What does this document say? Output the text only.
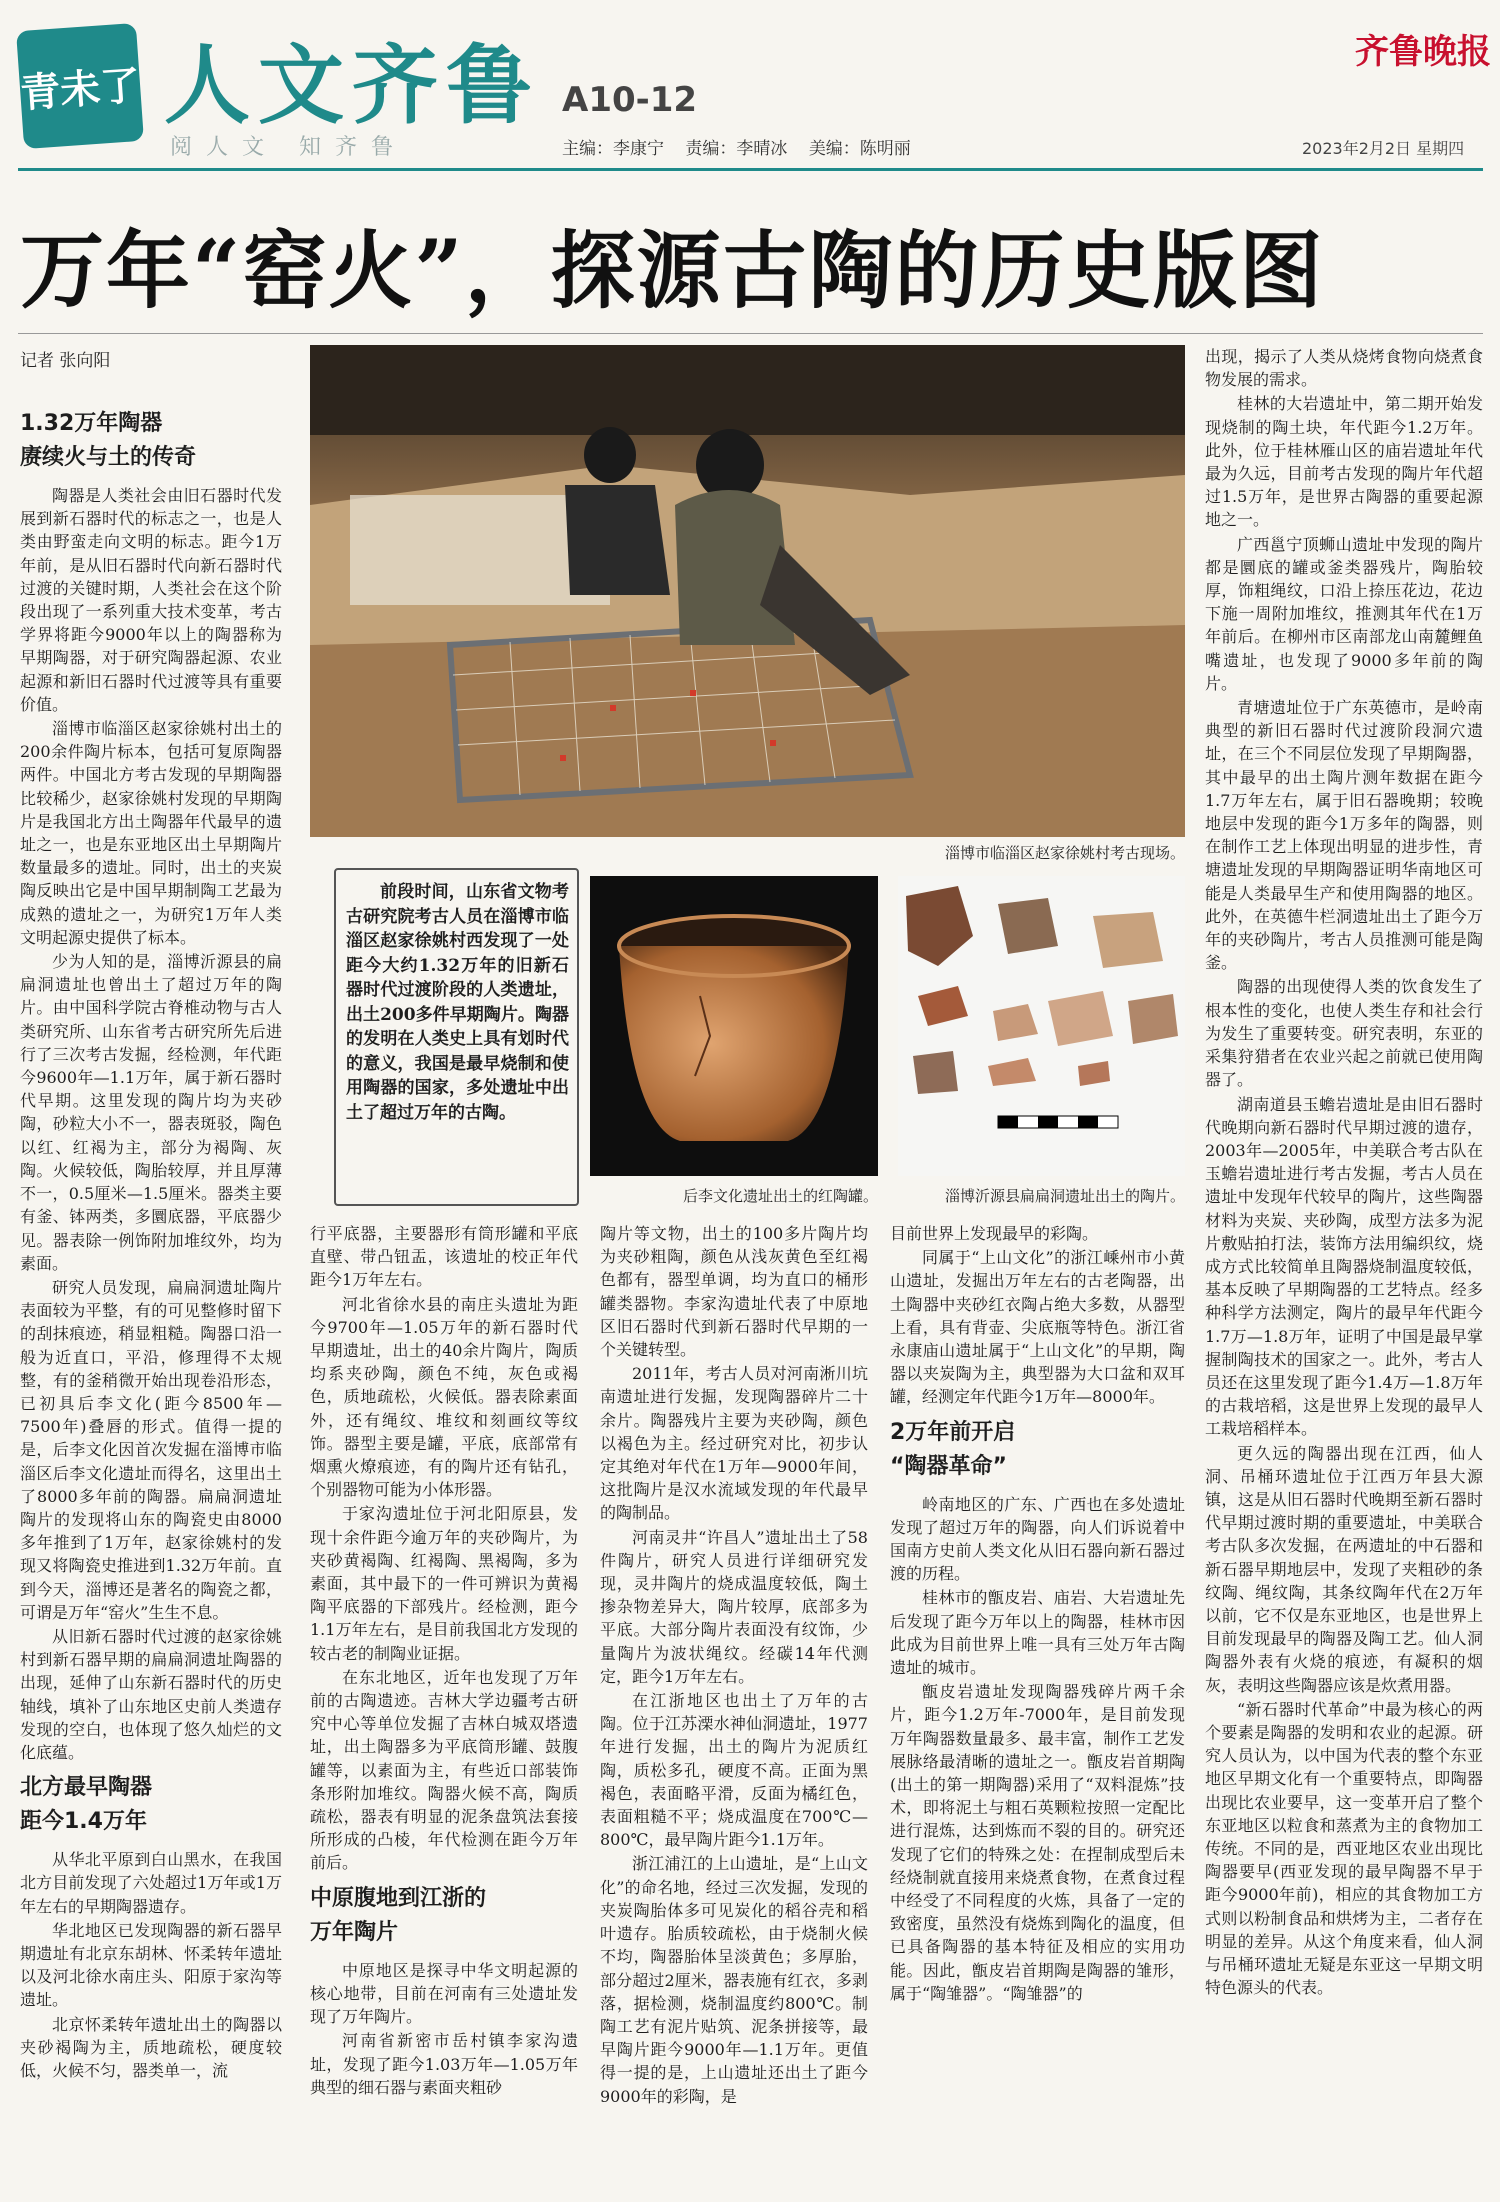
青未了 人文齐鲁 A10-12
阅人文 知齐鲁	主编：李康宁 责编：李晴冰 美编：陈明丽
齐鲁晚报
2023年2月2日 星期四
万年“窑火”，探源古陶的历史版图
记者 张向阳
1.32万年陶器
赓续火与土的传奇

陶器是人类社会由旧石器时代发展到新石器时代的标志之一，也是人类由野蛮走向文明的标志。距今1万年前，是从旧石器时代向新石器时代过渡的关键时期，人类社会在这个阶段出现了一系列重大技术变革，考古学界将距今9000年以上的陶器称为早期陶器，对于研究陶器起源、农业起源和新旧石器时代过渡等具有重要价值。

淄博市临淄区赵家徐姚村出土的200余件陶片标本，包括可复原陶器两件。中国北方考古发现的早期陶器比较稀少，赵家徐姚村发现的早期陶片是我国北方出土陶器年代最早的遗址之一，也是东亚地区出土早期陶片数量最多的遗址。同时，出土的夹炭陶反映出它是中国早期制陶工艺最为成熟的遗址之一，为研究1万年人类文明起源史提供了标本。

少为人知的是，淄博沂源县的扁扁洞遗址也曾出土了超过万年的陶片。由中国科学院古脊椎动物与古人类研究所、山东省考古研究所先后进行了三次考古发掘，经检测，年代距今9600年—1.1万年，属于新石器时代早期。这里发现的陶片均为夹砂陶，砂粒大小不一，器表斑驳，陶色以红、红褐为主，部分为褐陶、灰陶。火候较低，陶胎较厚，并且厚薄不一，0.5厘米—1.5厘米。器类主要有釜、钵两类，多圜底器，平底器少见。器表除一例饰附加堆纹外，均为素面。

研究人员发现，扁扁洞遗址陶片表面较为平整，有的可见整修时留下的刮抹痕迹，稍显粗糙。陶器口沿一般为近直口，平沿，修理得不太规整，有的釜稍微开始出现卷沿形态，已初具后李文化(距今8500年—7500年)叠唇的形式。值得一提的是，后李文化因首次发掘在淄博市临淄区后李文化遗址而得名，这里出土了8000多年前的陶器。扁扁洞遗址陶片的发现将山东的陶瓷史由8000多年推到了1万年，赵家徐姚村的发现又将陶瓷史推进到1.32万年前。直到今天，淄博还是著名的陶瓷之都，可谓是万年“窑火”生生不息。

从旧新石器时代过渡的赵家徐姚村到新石器早期的扁扁洞遗址陶器的出现，延伸了山东新石器时代的历史轴线，填补了山东地区史前人类遗存发现的空白，也体现了悠久灿烂的文化底蕴。

北方最早陶器
距今1.4万年

从华北平原到白山黑水，在我国北方目前发现了六处超过1万年或1万年左右的早期陶器遗存。

华北地区已发现陶器的新石器早期遗址有北京东胡林、怀柔转年遗址以及河北徐水南庄头、阳原于家沟等遗址。

北京怀柔转年遗址出土的陶器以夹砂褐陶为主，质地疏松，硬度较低，火候不匀，器类单一，流

淄博市临淄区赵家徐姚村考古现场。
前段时间，山东省文物考古研究院考古人员在淄博市临淄区赵家徐姚村西发现了一处距今大约1.32万年的旧新石器时代过渡阶段的人类遗址，出土200多件早期陶片。陶器的发明在人类史上具有划时代的意义，我国是最早烧制和使用陶器的国家，多处遗址中出土了超过万年的古陶。
后李文化遗址出土的红陶罐。	淄博沂源县扁扁洞遗址出土的陶片。

行平底器，主要器形有筒形罐和平底直壁、带凸钮盂，该遗址的校正年代距今1万年左右。

河北省徐水县的南庄头遗址为距今9700年—1.05万年的新石器时代早期遗址，出土的40余片陶片，陶质均系夹砂陶，颜色不纯，灰色或褐色，质地疏松，火候低。器表除素面外，还有绳纹、堆纹和刻画纹等纹饰。器型主要是罐，平底，底部常有烟熏火燎痕迹，有的陶片还有钻孔，个别器物可能为小体形器。

于家沟遗址位于河北阳原县，发现十余件距今逾万年的夹砂陶片，为夹砂黄褐陶、红褐陶、黑褐陶，多为素面，其中最下的一件可辨识为黄褐陶平底器的下部残片。经检测，距今1.1万年左右，是目前我国北方发现的较古老的制陶业证据。

在东北地区，近年也发现了万年前的古陶遗迹。吉林大学边疆考古研究中心等单位发掘了吉林白城双塔遗址，出土陶器多为平底筒形罐、鼓腹罐等，以素面为主，有些近口部装饰条形附加堆纹。陶器火候不高，陶质疏松，器表有明显的泥条盘筑法套接所形成的凸棱，年代检测在距今万年前后。

中原腹地到江浙的
万年陶片

中原地区是探寻中华文明起源的核心地带，目前在河南有三处遗址发现了万年陶片。

河南省新密市岳村镇李家沟遗址，发现了距今1.03万年—1.05万年典型的细石器与素面夹粗砂

陶片等文物，出土的100多片陶片均为夹砂粗陶，颜色从浅灰黄色至红褐色都有，器型单调，均为直口的桶形罐类器物。李家沟遗址代表了中原地区旧石器时代到新石器时代早期的一个关键转型。

2011年，考古人员对河南淅川坑南遗址进行发掘，发现陶器碎片二十余片。陶器残片主要为夹砂陶，颜色以褐色为主。经过研究对比，初步认定其绝对年代在1万年—9000年间，这批陶片是汉水流域发现的年代最早的陶制品。

河南灵井“许昌人”遗址出土了58件陶片，研究人员进行详细研究发现，灵井陶片的烧成温度较低，陶土掺杂物差异大，陶片较厚，底部多为平底。大部分陶片表面没有纹饰，少量陶片为波状绳纹。经碳14年代测定，距今1万年左右。

在江浙地区也出土了万年的古陶。位于江苏溧水神仙洞遗址，1977年进行发掘，出土的陶片为泥质红陶，质松多孔，硬度不高。正面为黑褐色，表面略平滑，反面为橘红色，表面粗糙不平；烧成温度在700℃—800℃，最早陶片距今1.1万年。

浙江浦江的上山遗址，是“上山文化”的命名地，经过三次发掘，发现的夹炭陶胎体多可见炭化的稻谷壳和稻叶遗存。胎质较疏松，由于烧制火候不均，陶器胎体呈淡黄色；多厚胎，部分超过2厘米，器表施有红衣，多剥落，据检测，烧制温度约800℃。制陶工艺有泥片贴筑、泥条拼接等，最早陶片距今9000年—1.1万年。更值得一提的是，上山遗址还出土了距今9000年的彩陶，是

目前世界上发现最早的彩陶。

同属于“上山文化”的浙江嵊州市小黄山遗址，发掘出万年左右的古老陶器，出土陶器中夹砂红衣陶占绝大多数，从器型上看，具有背壶、尖底瓶等特色。浙江省永康庙山遗址属于“上山文化”的早期，陶器以夹炭陶为主，典型器为大口盆和双耳罐，经测定年代距今1万年—8000年。

2万年前开启
“陶器革命”

岭南地区的广东、广西也在多处遗址发现了超过万年的陶器，向人们诉说着中国南方史前人类文化从旧石器向新石器过渡的历程。

桂林市的甑皮岩、庙岩、大岩遗址先后发现了距今万年以上的陶器，桂林市因此成为目前世界上唯一具有三处万年古陶遗址的城市。

甑皮岩遗址发现陶器残碎片两千余片，距今1.2万年-7000年，是目前发现万年陶器数量最多、最丰富，制作工艺发展脉络最清晰的遗址之一。甑皮岩首期陶(出土的第一期陶器)采用了“双料混炼”技术，即将泥土与粗石英颗粒按照一定配比进行混炼，达到炼而不裂的目的。研究还发现了它们的特殊之处：在捏制成型后未经烧制就直接用来烧煮食物，在煮食过程中经受了不同程度的火炼，具备了一定的致密度，虽然没有烧炼到陶化的温度，但已具备陶器的基本特征及相应的实用功能。因此，甑皮岩首期陶是陶器的雏形，属于“陶雏器”。“陶雏器”的

出现，揭示了人类从烧烤食物向烧煮食物发展的需求。

桂林的大岩遗址中，第二期开始发现烧制的陶土块，年代距今1.2万年。此外，位于桂林雁山区的庙岩遗址年代最为久远，目前考古发现的陶片年代超过1.5万年，是世界古陶器的重要起源地之一。

广西邕宁顶蛳山遗址中发现的陶片都是圜底的罐或釜类器残片，陶胎较厚，饰粗绳纹，口沿上捺压花边，花边下施一周附加堆纹，推测其年代在1万年前后。在柳州市区南部龙山南麓鲤鱼嘴遗址，也发现了9000多年前的陶片。

青塘遗址位于广东英德市，是岭南典型的新旧石器时代过渡阶段洞穴遗址，在三个不同层位发现了早期陶器，其中最早的出土陶片测年数据在距今1.7万年左右，属于旧石器晚期；较晚地层中发现的距今1万多年的陶器，则在制作工艺上体现出明显的进步性，青塘遗址发现的早期陶器证明华南地区可能是人类最早生产和使用陶器的地区。此外，在英德牛栏洞遗址出土了距今万年的夹砂陶片，考古人员推测可能是陶釜。

陶器的出现使得人类的饮食发生了根本性的变化，也使人类生存和社会行为发生了重要转变。研究表明，东亚的采集狩猎者在农业兴起之前就已使用陶器了。

湖南道县玉蟾岩遗址是由旧石器时代晚期向新石器时代早期过渡的遗存，2003年—2005年，中美联合考古队在玉蟾岩遗址进行考古发掘，考古人员在遗址中发现年代较早的陶片，这些陶器材料为夹炭、夹砂陶，成型方法多为泥片敷贴拍打法，装饰方法用编织纹，烧成方式比较简单且陶器烧制温度较低，基本反映了早期陶器的工艺特点。经多种科学方法测定，陶片的最早年代距今1.7万—1.8万年，证明了中国是最早掌握制陶技术的国家之一。此外，考古人员还在这里发现了距今1.4万—1.8万年的古栽培稻，这是世界上发现的最早人工栽培稻样本。

更久远的陶器出现在江西，仙人洞、吊桶环遗址位于江西万年县大源镇，这是从旧石器时代晚期至新石器时代早期过渡时期的重要遗址，中美联合考古队多次发掘，在两遗址的中石器和新石器早期地层中，发现了夹粗砂的条纹陶、绳纹陶，其条纹陶年代在2万年以前，它不仅是东亚地区，也是世界上目前发现最早的陶器及陶工艺。仙人洞陶器外表有火烧的痕迹，有凝积的烟灰，表明这些陶器应该是炊煮用器。

“新石器时代革命”中最为核心的两个要素是陶器的发明和农业的起源。研究人员认为，以中国为代表的整个东亚地区早期文化有一个重要特点，即陶器出现比农业要早，这一变革开启了整个东亚地区以粒食和蒸煮为主的食物加工传统。不同的是，西亚地区农业出现比陶器要早(西亚发现的最早陶器不早于距今9000年前)，相应的其食物加工方式则以粉制食品和烘烤为主，二者存在明显的差异。从这个角度来看，仙人洞与吊桶环遗址无疑是东亚这一早期文明特色源头的代表。
